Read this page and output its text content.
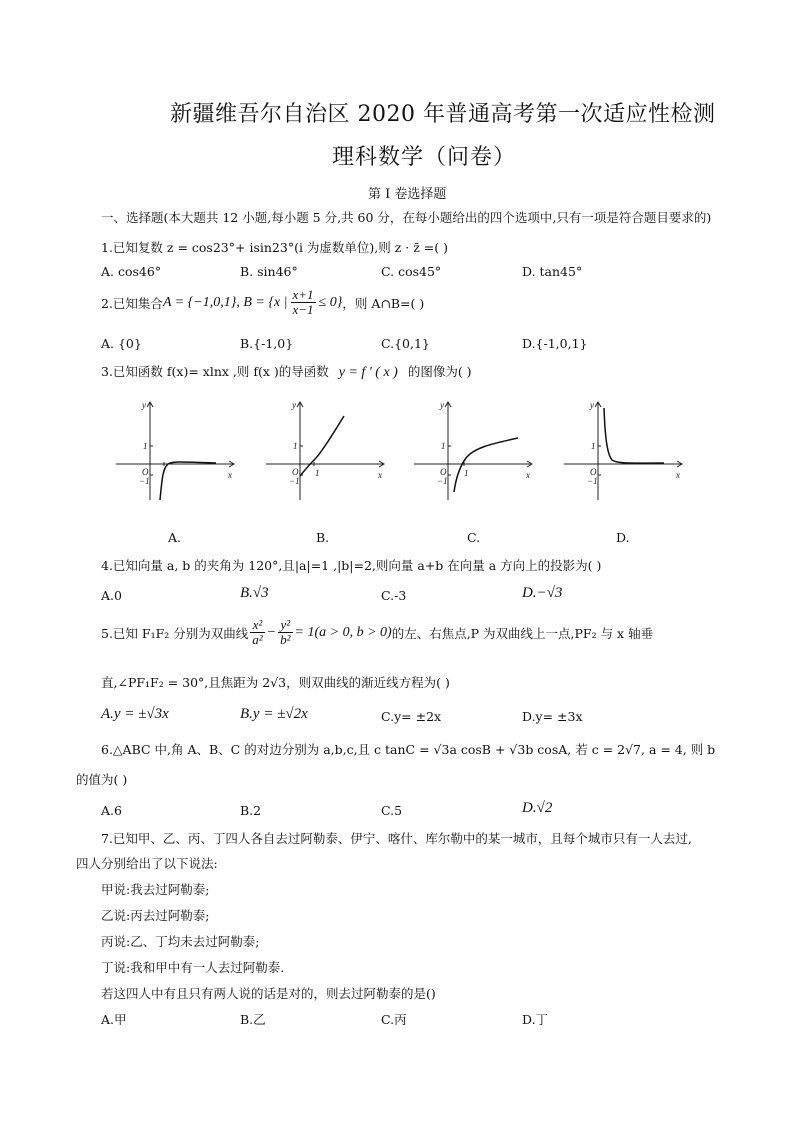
新疆维吾尔自治区 2020 年普通高考第一次适应性检测
理科数学（问卷）
第 I 卷选择题
一、选择题(本大题共 12 小题,每小题 5 分,共 60 分，在每小题给出的四个选项中,只有一项是符合题目要求的)
1.已知复数 z = cos23°+ isin23°(i 为虚数单位),则 z · z̄ =( )
A. cos46°	B. sin46°	C. cos45°	D. tan45°
2.已知集合 A = {−1,0,1}, B = {x | $\frac{x+1}{x-1} \le 0$} ，则 A∩B=( )
A. {0}	B.{-1,0}	C.{0,1}	D.{-1,0,1}
3.已知函数 f(x)= xlnx ,则 f(x )的导函数 y = f ' ( x ) 的图像为( )
y
x
O
1
−1
A.
y
x
O
1
−1
1
B.
y
x
O
1
−1
1
C.
y
x
O
1
−1
D.
4.已知向量 a, b 的夹角为 120°,且|a|=1 ,|b|=2,则向量 a+b 在向量 a 方向上的投影为( )
A.0	B.√3	C.-3	D.−√3
5.已知 F₁F₂ 分别为双曲线 $\frac{\text{x²}}{\text{a²}} - \frac{\text{y²}}{\text{b²}} = 1(a > 0$, b > 0) 的左、右焦点,P 为双曲线上一点,PF₂ 与 x 轴垂
直,∠PF₁F₂ = 30°,且焦距为 2√3，则双曲线的渐近线方程为( )
A.y = ±√3x	B.y = ±√2x	C.y= ±2x	D.y= ±3x
6.△ABC 中,角 A、B、C 的对边分别为 a,b,c,且 c tanC = √3a cosB + √3b cosA, 若 c = 2√7, a = 4, 则 b
的值为( )
A.6	B.2	C.5	D.√2
7.已知甲、乙、丙、丁四人各自去过阿勒泰、伊宁、喀什、库尔勒中的某一城市，且每个城市只有一人去过,
四人分别给出了以下说法:
甲说:我去过阿勒泰;
乙说:丙去过阿勒泰;
丙说:乙、丁均未去过阿勒泰;
丁说:我和甲中有一人去过阿勒泰.
若这四人中有且只有两人说的话是对的，则去过阿勒泰的是()
A.甲	B.乙	C.丙	D.丁
